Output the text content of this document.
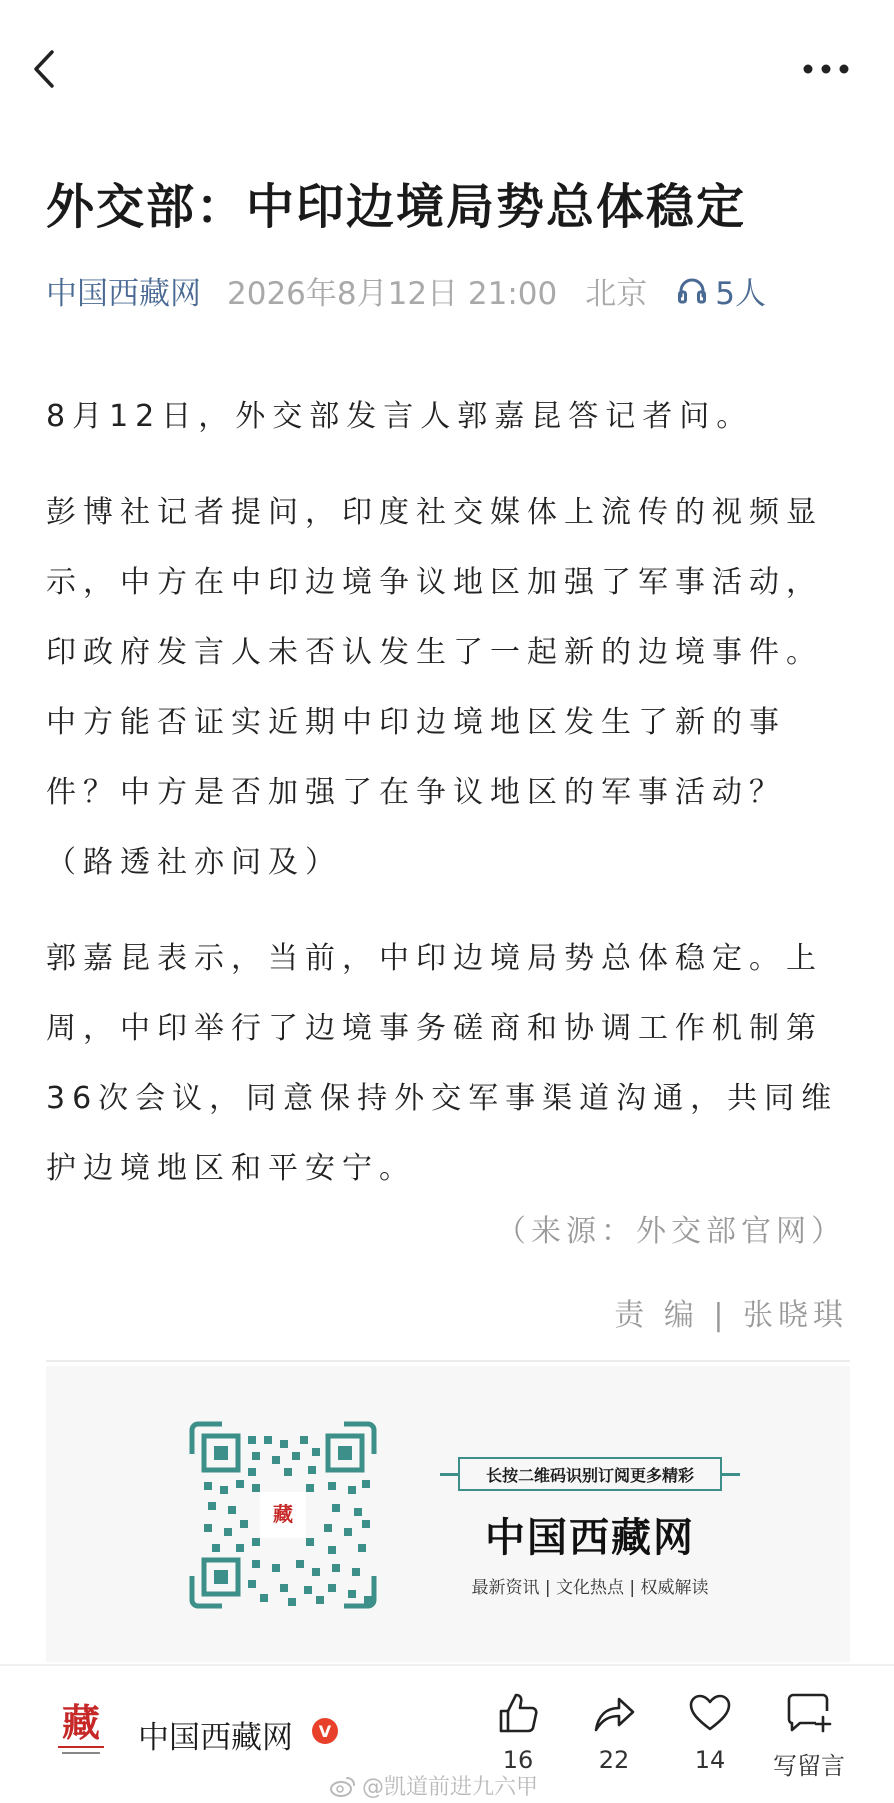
外交部：中印边境局势总体稳定
中国西藏网 2026年8月12日 21:00 北京 5人

8月12日，外交部发言人郭嘉昆答记者问。

彭博社记者提问，印度社交媒体上流传的视频显示，中方在中印边境争议地区加强了军事活动，印政府发言人未否认发生了一起新的边境事件。中方能否证实近期中印边境地区发生了新的事件？中方是否加强了在争议地区的军事活动？（路透社亦问及）

郭嘉昆表示，当前，中印边境局势总体稳定。上周，中印举行了边境事务磋商和协调工作机制第36次会议，同意保持外交军事渠道沟通，共同维护边境地区和平安宁。

（来源：外交部官网）
责 编 | 张晓琪
藏
长按二维码识别订阅更多精彩
中国西藏网
最新资讯 | 文化热点 | 权威解读
藏 中国西藏网	V
16	22	14	写留言
@凯道前进九六甲
